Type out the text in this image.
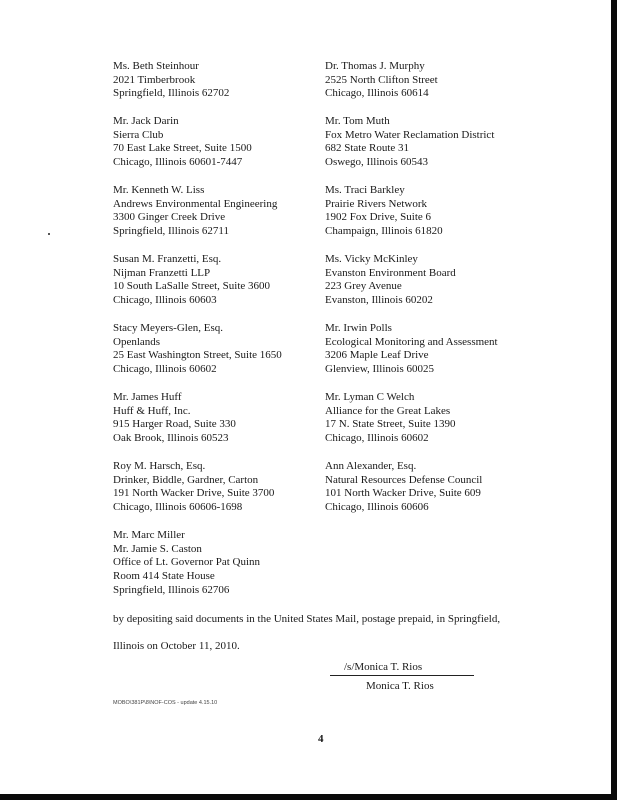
Ms. Beth Steinhour
2021 Timberbrook
Springfield, Illinois 62702
Dr. Thomas J. Murphy
2525 North Clifton Street
Chicago, Illinois 60614
Mr. Jack Darin
Sierra Club
70 East Lake Street, Suite 1500
Chicago, Illinois 60601-7447
Mr. Tom Muth
Fox Metro Water Reclamation District
682 State Route 31
Oswego, Illinois 60543
Mr. Kenneth W. Liss
Andrews Environmental Engineering
3300 Ginger Creek Drive
Springfield, Illinois 62711
Ms. Traci Barkley
Prairie Rivers Network
1902 Fox Drive, Suite 6
Champaign, Illinois 61820
Susan M. Franzetti, Esq.
Nijman Franzetti LLP
10 South LaSalle Street, Suite 3600
Chicago, Illinois 60603
Ms. Vicky McKinley
Evanston Environment Board
223 Grey Avenue
Evanston, Illinois 60202
Stacy Meyers-Glen, Esq.
Openlands
25 East Washington Street, Suite 1650
Chicago, Illinois 60602
Mr. Irwin Polls
Ecological Monitoring and Assessment
3206 Maple Leaf Drive
Glenview, Illinois 60025
Mr. James Huff
Huff & Huff, Inc.
915 Harger Road, Suite 330
Oak Brook, Illinois 60523
Mr. Lyman C Welch
Alliance for the Great Lakes
17 N. State Street, Suite 1390
Chicago, Illinois 60602
Roy M. Harsch, Esq.
Drinker, Biddle, Gardner, Carton
191 North Wacker Drive, Suite 3700
Chicago, Illinois 60606-1698
Ann Alexander, Esq.
Natural Resources Defense Council
101 North Wacker Drive, Suite 609
Chicago, Illinois 60606
Mr. Marc Miller
Mr. Jamie S. Caston
Office of Lt. Governor Pat Quinn
Room 414 State House
Springfield, Illinois 62706
by depositing said documents in the United States Mail, postage prepaid, in Springfield,
Illinois on October 11, 2010.
/s/Monica T. Rios
Monica T. Rios
MOBO\381P\8\NOF-COS - update 4.15.10
4
